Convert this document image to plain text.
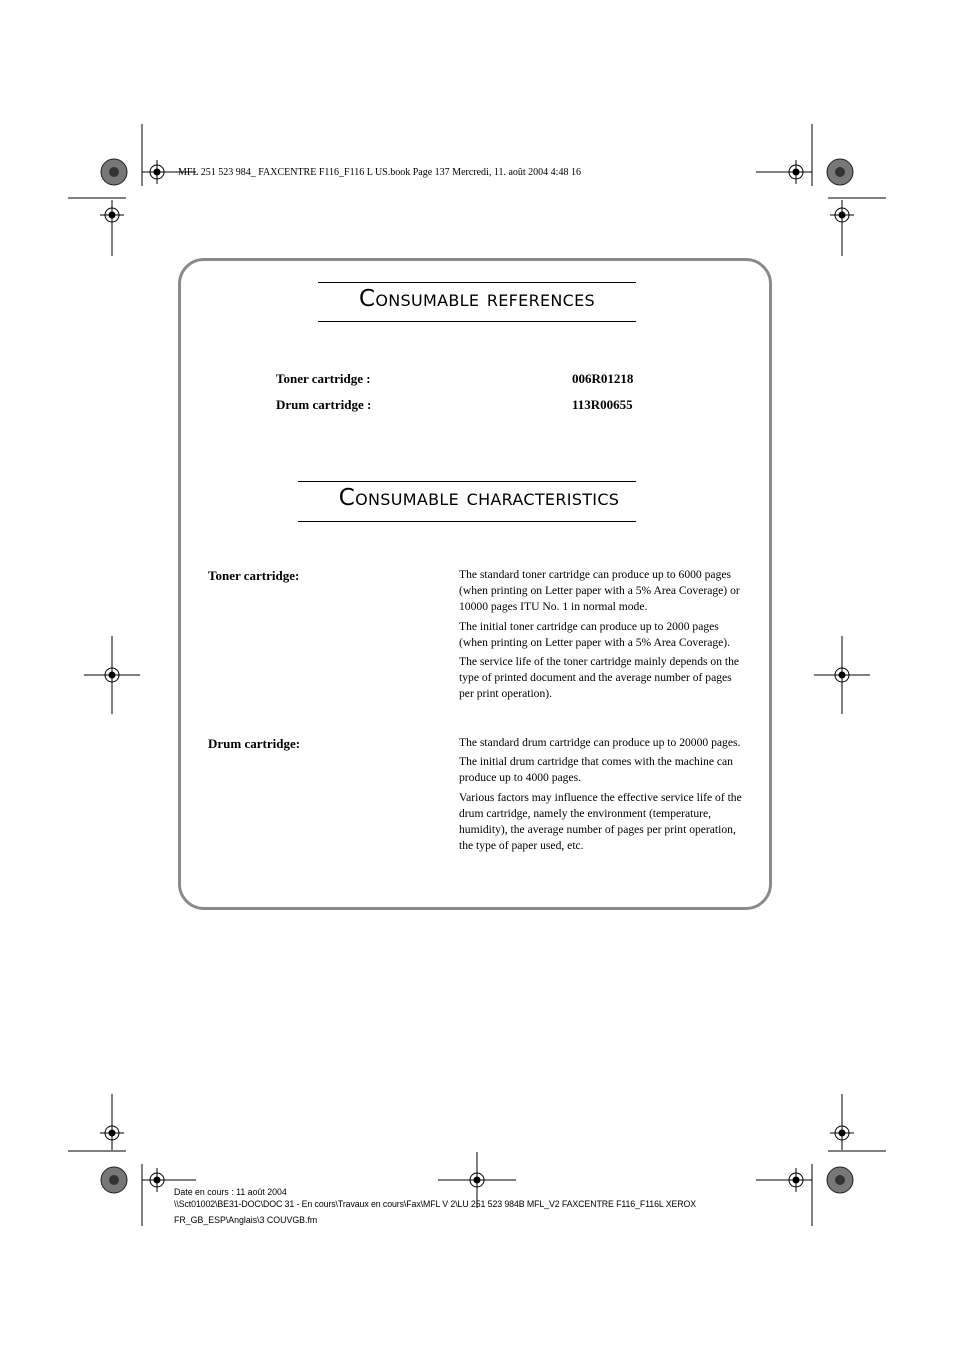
MFL 251 523 984_ FAXCENTRE F116_F116 L US.book Page 137 Mercredi, 11. août 2004 4:48 16
Consumable references
Toner cartridge :	006R01218
Drum cartridge :	113R00655
Consumable characteristics
Toner cartridge:	The standard toner cartridge can produce up to 6000 pages (when printing on Letter paper with a 5% Area Coverage) or 10000 pages ITU No. 1 in normal mode.

The initial toner cartridge can produce up to 2000 pages (when printing on Letter paper with a 5% Area Coverage).

The service life of the toner cartridge mainly depends on the type of printed document and the average number of pages per print operation).

Drum cartridge:	The standard drum cartridge can produce up to 20000 pages.

The initial drum cartridge that comes with the machine can produce up to 4000 pages.

Various factors may influence the effective service life of the drum cartridge, namely the environment (temperature, humidity), the average number of pages per print operation, the type of paper used, etc.

Date en cours : 11 août 2004
\\Sct01002\BE31-DOC\DOC 31 - En cours\Travaux en cours\Fax\MFL V 2\LU 251 523 984B MFL_V2 FAXCENTRE F116_F116L XEROX
FR_GB_ESP\Anglais\3 COUVGB.fm
